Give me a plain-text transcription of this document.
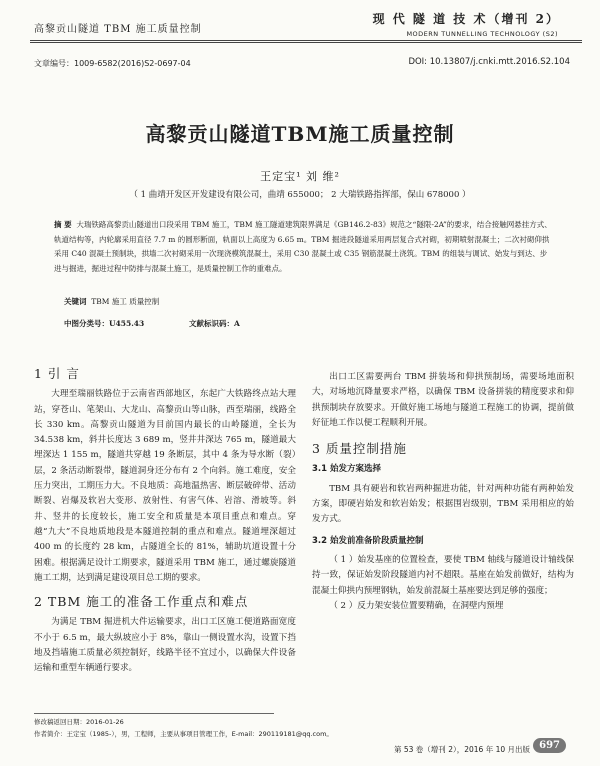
高黎贡山隧道 TBM 施工质量控制
现 代 隧 道 技 术（增刊 2）
MODERN TUNNELLING TECHNOLOGY (S2)
文章编号：1009-6582(2016)S2-0697-04	DOI: 10.13807/j.cnki.mtt.2016.S2.104
高黎贡山隧道TBM施工质量控制
王定宝¹ 刘 维²
（ 1 曲靖开发区开发建设有限公司，曲靖 655000； 2 大瑞铁路指挥部，保山 678000 ）
摘 要 大瑞铁路高黎贡山隧道出口段采用 TBM 施工，TBM 施工隧道建筑限界满足《GB146.2-83》规范之“隧限-2A”的要求，结合接触网悬挂方式、轨道结构等，内轮廓采用直径 7.7 m 的圆形断面，轨面以上高度为 6.65 m。TBM 掘进段隧道采用两层复合式衬砌，初期喷射混凝土；二次衬砌仰拱采用 C40 混凝土预制块，拱墙二次衬砌采用一次现浇模筑混凝土，采用 C30 混凝土或 C35 钢筋混凝土浇筑。TBM 的组装与调试、始发与到达、步进与掘进，掘进过程中防排与混凝土施工，是质量控制工作的重难点。
关键词 TBM 施工 质量控制
中图分类号：U455.43	文献标识码：A
1 引 言

大理至瑞丽铁路位于云南省西部地区，东起广大铁路终点站大理站，穿苍山、笔架山、大龙山、高黎贡山等山脉，西至瑞丽，线路全长 330 km。高黎贡山隧道为目前国内最长的山岭隧道，全长为 34.538 km，斜井长度达 3 689 m，竖井井深达 765 m，隧道最大埋深达 1 155 m，隧道共穿越 19 条断层，其中 4 条为导水断（裂）层，2 条活动断裂带，隧道洞身还分布有 2 个向斜。施工难度，安全压力突出，工期压力大。不良地质：高地温热害、断层破碎带、活动断裂、岩爆及软岩大变形、放射性、有害气体、岩溶、滑坡等。斜井、竖井的长度较长，施工安全和质量是本项目重点和难点。穿越“九大”不良地质地段是本隧道控制的重点和难点。隧道埋深超过 400 m 的长度约 28 km，占隧道全长的 81%，辅助坑道设置十分困难。根据满足设计工期要求，隧道采用 TBM 施工，通过螺旋隧道施工工期，达到满足建设项目总工期的要求。

2 TBM 施工的准备工作重点和难点

为满足 TBM 掘进机大件运输要求，出口工区施工便道路面宽度不小于 6.5 m，最大纵坡应小于 8%，靠山一侧设置水沟，设置下挡地及挡墙施工质量必须控制好，线路半径不宜过小，以确保大件设备运输和重型车辆通行要求。

出口工区需要两台 TBM 拼装场和仰拱预制场，需要场地面积大，对场地沉降量要求严格，以确保 TBM 设备拼装的精度要求和仰拱预制块存放要求。开做好施工场地与隧道工程施工的协调，提前做好征地工作以便工程顺利开展。

3 质量控制措施
3.1 始发方案选择

TBM 具有硬岩和软岩两种掘进功能，针对两种功能有两种始发方案，即硬岩始发和软岩始发；根据围岩级别，TBM 采用相应的始发方式。

3.2 始发前准备阶段质量控制

（ 1 ）始发基座的位置检查，要使 TBM 轴线与隧道设计轴线保持一致，保证始发阶段隧道内衬不超限。基座在始发前做好，结构为混凝土仰拱内预埋钢轨，始发前混凝土基座要达到足够的强度；

（ 2 ）反力架安装位置要精确，在洞壁内预埋

修改稿返回日期：2016-01-26
作者简介：王定宝（1985-），男，工程师，主要从事项目管理工作，E-mail：290119181@qq.com。
第 53 卷（增刊 2），2016 年 10 月出版 697
